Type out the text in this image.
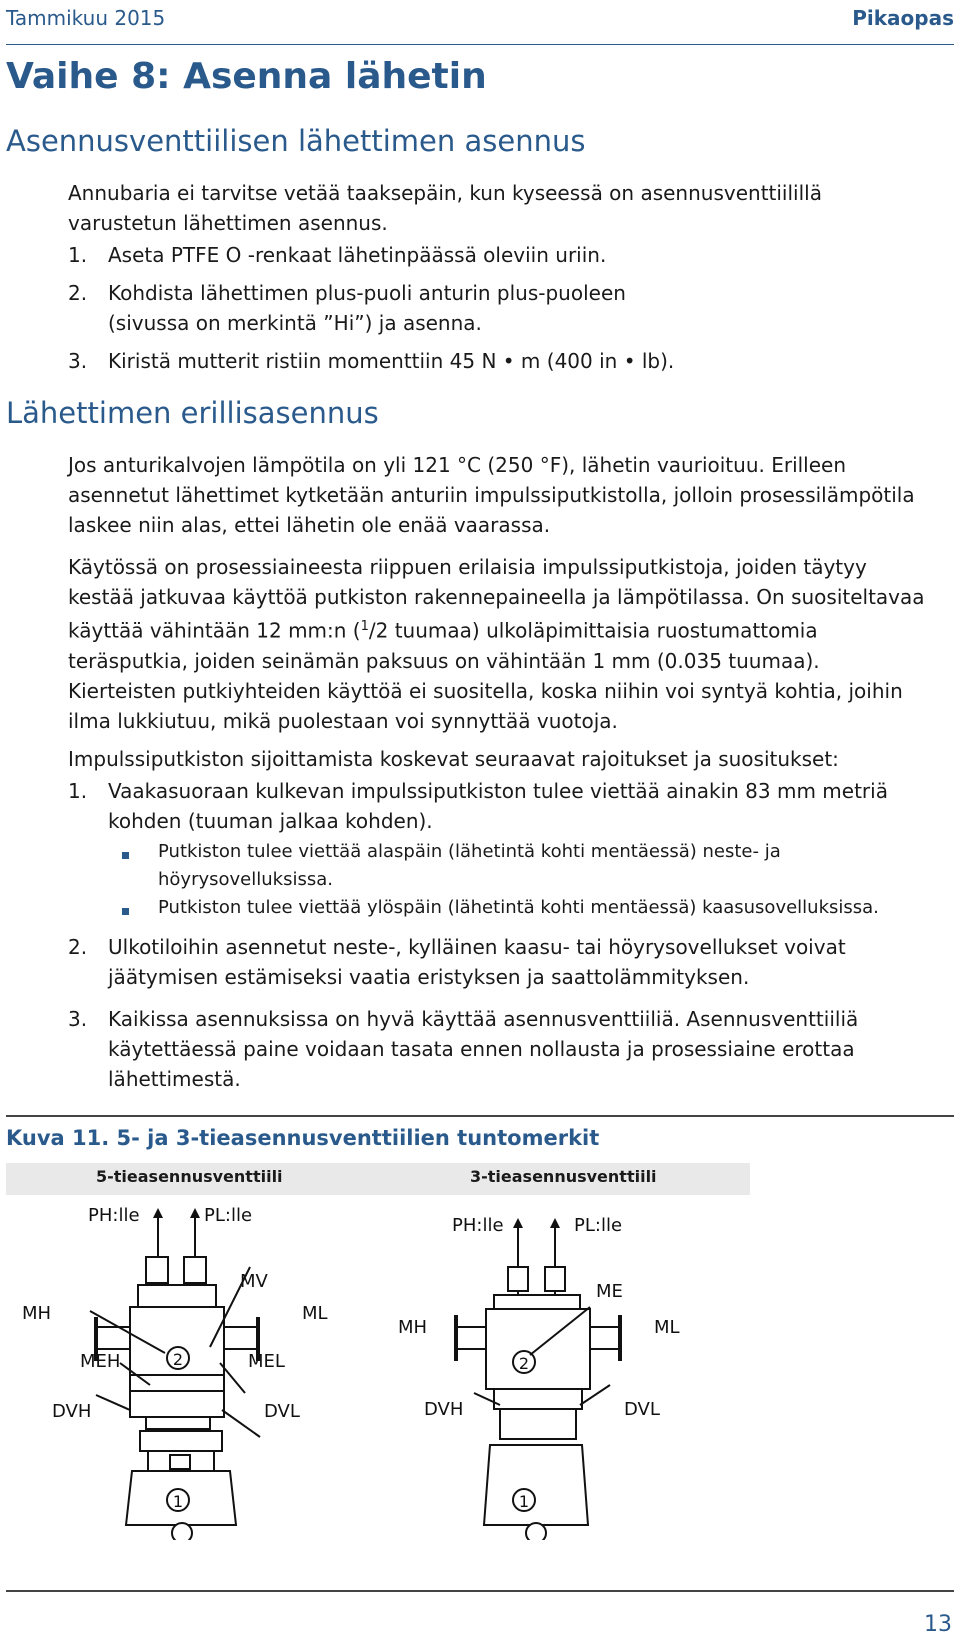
Tammikuu 2015	Pikaopas
Vaihe 8: Asenna lähetin
Asennusventtiilisen lähettimen asennus
Annubaria ei tarvitse vetää taaksepäin, kun kyseessä on asennusventtiilillä varustetun lähettimen asennus.
1. Aseta PTFE O -renkaat lähetinpäässä oleviin uriin.
2. Kohdista lähettimen plus-puoli anturin plus-puoleen (sivussa on merkintä ”Hi”) ja asenna.
3. Kiristä mutterit ristiin momenttiin 45 N • m (400 in • lb).
Lähettimen erillisasennus
Jos anturikalvojen lämpötila on yli 121 °C (250 °F), lähetin vaurioituu. Erilleen asennetut lähettimet kytketään anturiin impulssiputkistolla, jolloin prosessilämpötila laskee niin alas, ettei lähetin ole enää vaarassa.
Käytössä on prosessiaineesta riippuen erilaisia impulssiputkistoja, joiden täytyy kestää jatkuvaa käyttöä putkiston rakennepaineella ja lämpötilassa. On suositeltavaa käyttää vähintään 12 mm:n ($^1$/2 tuumaa) ulkoläpimittaisia ruostumattomia teräsputkia, joiden seinämän paksuus on vähintään 1 mm (0.035 tuumaa). Kierteisten putkiyhteiden käyttöä ei suositella, koska niihin voi syntyä kohtia, joihin ilma lukkiutuu, mikä puolestaan voi synnyttää vuotoja.
Impulssiputkiston sijoittamista koskevat seuraavat rajoitukset ja suositukset:
1. Vaakasuoraan kulkevan impulssiputkiston tulee viettää ainakin 83 mm metriä kohden (tuuman jalkaa kohden).
Putkiston tulee viettää alaspäin (lähetintä kohti mentäessä) neste- ja höyrysovelluksissa.
Putkiston tulee viettää ylöspäin (lähetintä kohti mentäessä) kaasusovelluksissa.
2. Ulkotiloihin asennetut neste-, kylläinen kaasu- tai höyrysovellukset voivat jäätymisen estämiseksi vaatia eristyksen ja saattolämmityksen.
3. Kaikissa asennuksissa on hyvä käyttää asennusventtiiliä. Asennusventtiiliä käytettäessä paine voidaan tasata ennen nollausta ja prosessiaine erottaa lähettimestä.
Kuva 11. 5- ja 3-tieasennusventtiilien tuntomerkit
5-tieasennusventtiili	3-tieasennusventtiili
2
1
2
1
PH:lle	PL:lle
MV
MH	ML
MEH	MEL
DVH	DVL
PH:lle	PL:lle
ME
MH	ML
DVH	DVL
13
